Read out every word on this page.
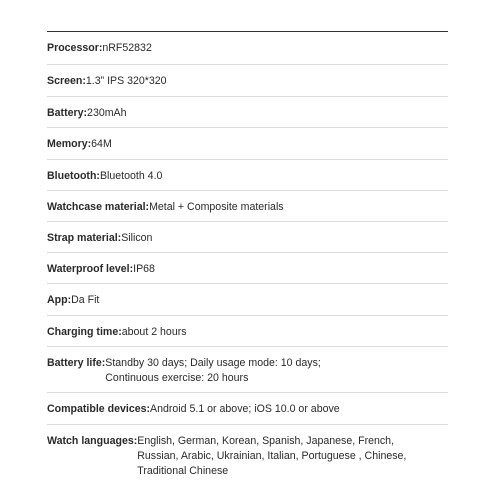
Processor: nRF52832
Screen: 1.3” IPS 320*320
Battery: 230mAh
Memory: 64M
Bluetooth: Bluetooth 4.0
Watchcase material: Metal + Composite materials
Strap material: Silicon
Waterproof level: IP68
App: Da Fit
Charging time: about 2 hours
Battery life: Standby 30 days; Daily usage mode: 10 days;
Continuous exercise: 20 hours
Compatible devices: Android 5.1 or above; iOS 10.0 or above
Watch languages: English, German, Korean, Spanish, Japanese, French,
Russian, Arabic, Ukrainian, Italian, Portuguese , Chinese,
Traditional Chinese
